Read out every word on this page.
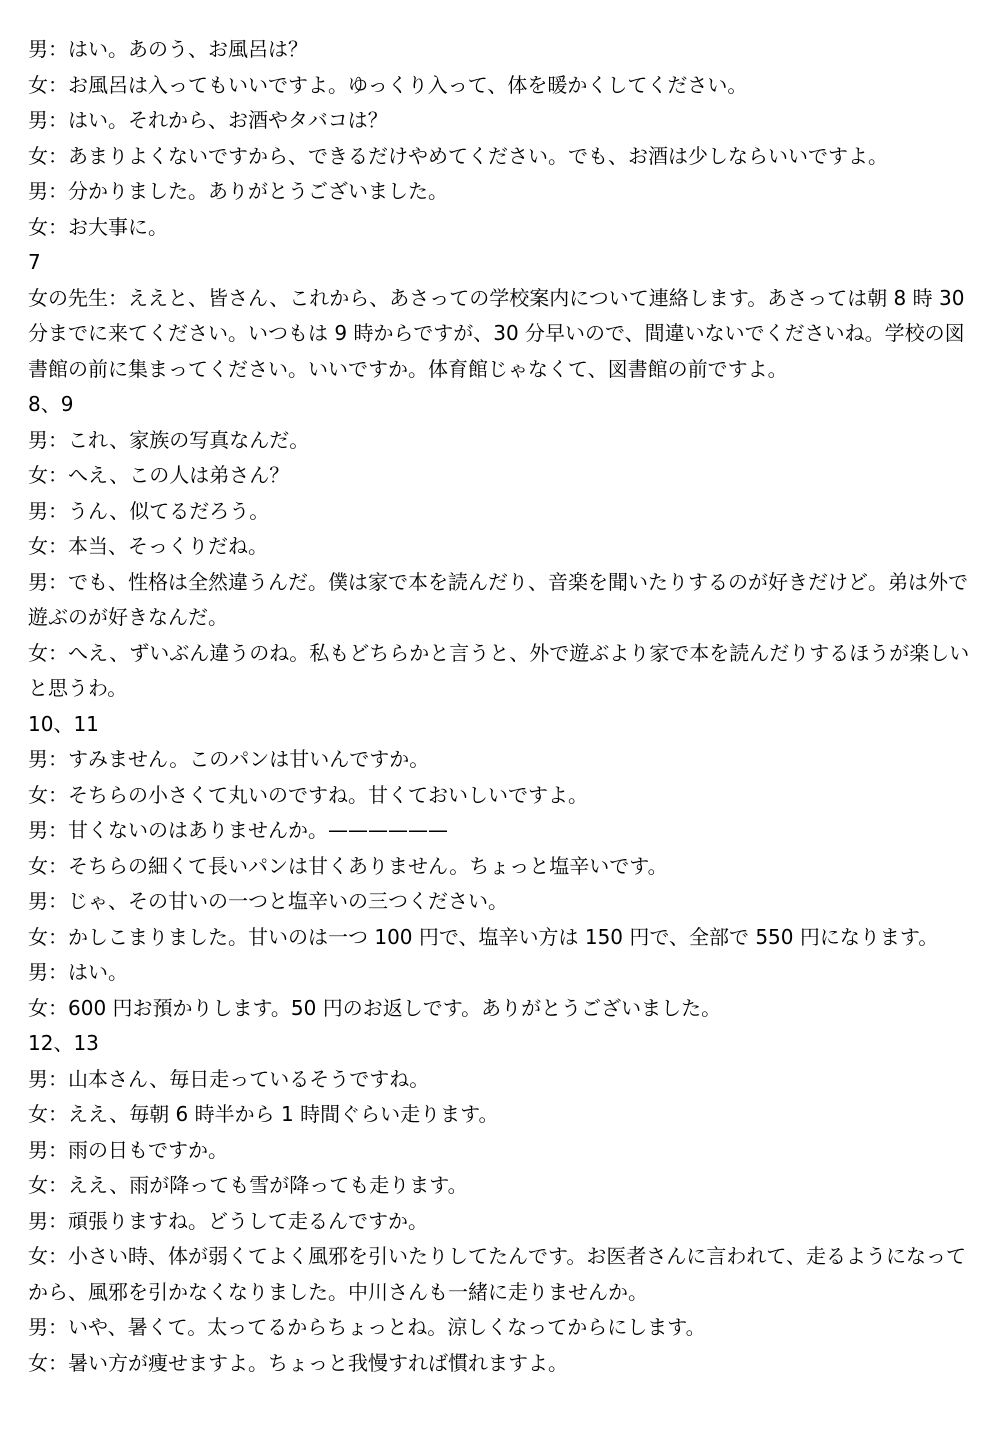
男：はい。あのう、お風呂は？

女：お風呂は入ってもいいですよ。ゆっくり入って、体を暖かくしてください。

男：はい。それから、お酒やタバコは？

女：あまりよくないですから、できるだけやめてください。でも、お酒は少しならいいですよ。

男：分かりました。ありがとうございました。

女：お大事に。

7

女の先生：ええと、皆さん、これから、あさっての学校案内について連絡します。あさっては朝 8 時 30 分までに来てください。いつもは 9 時からですが、30 分早いので、間違いないでくださいね。学校の図書館の前に集まってください。いいですか。体育館じゃなくて、図書館の前ですよ。

8、9

男：これ、家族の写真なんだ。

女：へえ、この人は弟さん？

男：うん、似てるだろう。

女：本当、そっくりだね。

男：でも、性格は全然違うんだ。僕は家で本を読んだり、音楽を聞いたりするのが好きだけど。弟は外で遊ぶのが好きなんだ。

女：へえ、ずいぶん違うのね。私もどちらかと言うと、外で遊ぶより家で本を読んだりするほうが楽しいと思うわ。

10、11

男：すみません。このパンは甘いんですか。

女：そちらの小さくて丸いのですね。甘くておいしいですよ。

男：甘くないのはありませんか。——————

女：そちらの細くて長いパンは甘くありません。ちょっと塩辛いです。

男：じゃ、その甘いの一つと塩辛いの三つください。

女：かしこまりました。甘いのは一つ 100 円で、塩辛い方は 150 円で、全部で 550 円になります。

男：はい。

女：600 円お預かりします。50 円のお返しです。ありがとうございました。

12、13

男：山本さん、毎日走っているそうですね。

女：ええ、毎朝 6 時半から 1 時間ぐらい走ります。

男：雨の日もですか。

女：ええ、雨が降っても雪が降っても走ります。

男：頑張りますね。どうして走るんですか。

女：小さい時、体が弱くてよく風邪を引いたりしてたんです。お医者さんに言われて、走るようになってから、風邪を引かなくなりました。中川さんも一緒に走りませんか。

男：いや、暑くて。太ってるからちょっとね。涼しくなってからにします。

女：暑い方が痩せますよ。ちょっと我慢すれば慣れますよ。
